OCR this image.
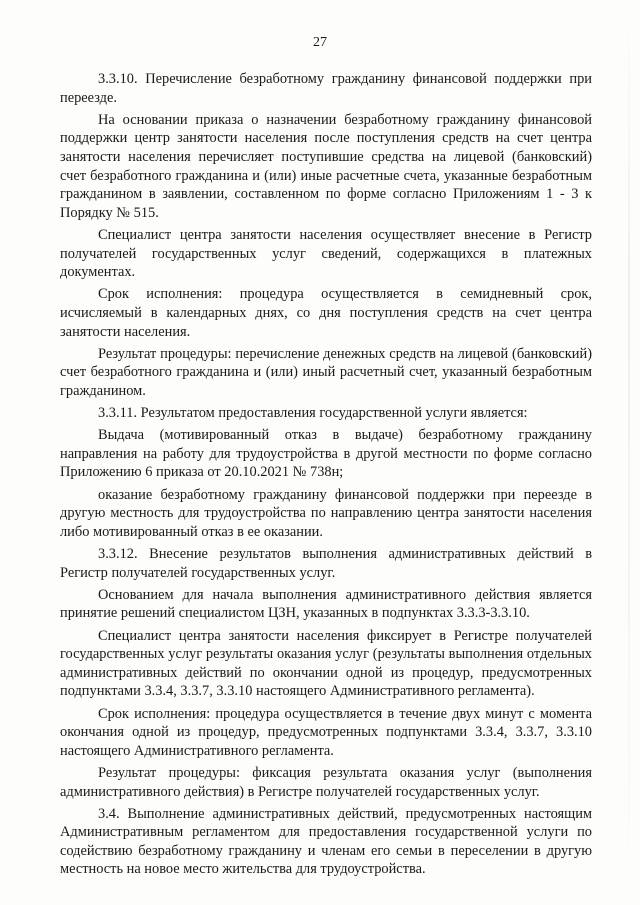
27

3.3.10. Перечисление безработному гражданину финансовой поддержки при переезде.

На основании приказа о назначении безработному гражданину финансовой поддержки центр занятости населения после поступления средств на счет центра занятости населения перечисляет поступившие средства на лицевой (банковский) счет безработного гражданина и (или) иные расчетные счета, указанные безработным гражданином в заявлении, составленном по форме согласно Приложениям 1 - 3 к Порядку № 515.

Специалист центра занятости населения осуществляет внесение в Регистр получателей государственных услуг сведений, содержащихся в платежных документах.

Срок исполнения: процедура осуществляется в семидневный срок, исчисляемый в календарных днях, со дня поступления средств на счет центра занятости населения.

Результат процедуры: перечисление денежных средств на лицевой (банковский) счет безработного гражданина и (или) иный расчетный счет, указанный безработным гражданином.

3.3.11. Результатом предоставления государственной услуги является:

Выдача (мотивированный отказ в выдаче) безработному гражданину направления на работу для трудоустройства в другой местности по форме согласно Приложению 6 приказа от 20.10.2021 № 738н;

оказание безработному гражданину финансовой поддержки при переезде в другую местность для трудоустройства по направлению центра занятости населения либо мотивированный отказ в ее оказании.

3.3.12. Внесение результатов выполнения административных действий в Регистр получателей государственных услуг.

Основанием для начала выполнения административного действия является принятие решений специалистом ЦЗН, указанных в подпунктах 3.3.3-3.3.10.

Специалист центра занятости населения фиксирует в Регистре получателей государственных услуг результаты оказания услуг (результаты выполнения отдельных административных действий по окончании одной из процедур, предусмотренных подпунктами 3.3.4, 3.3.7, 3.3.10 настоящего Административного регламента).

Срок исполнения: процедура осуществляется в течение двух минут с момента окончания одной из процедур, предусмотренных подпунктами 3.3.4, 3.3.7, 3.3.10 настоящего Административного регламента.

Результат процедуры: фиксация результата оказания услуг (выполнения административного действия) в Регистре получателей государственных услуг.

3.4. Выполнение административных действий, предусмотренных настоящим Административным регламентом для предоставления государственной услуги по содействию безработному гражданину и членам его семьи в переселении в другую местность на новое место жительства для трудоустройства.
